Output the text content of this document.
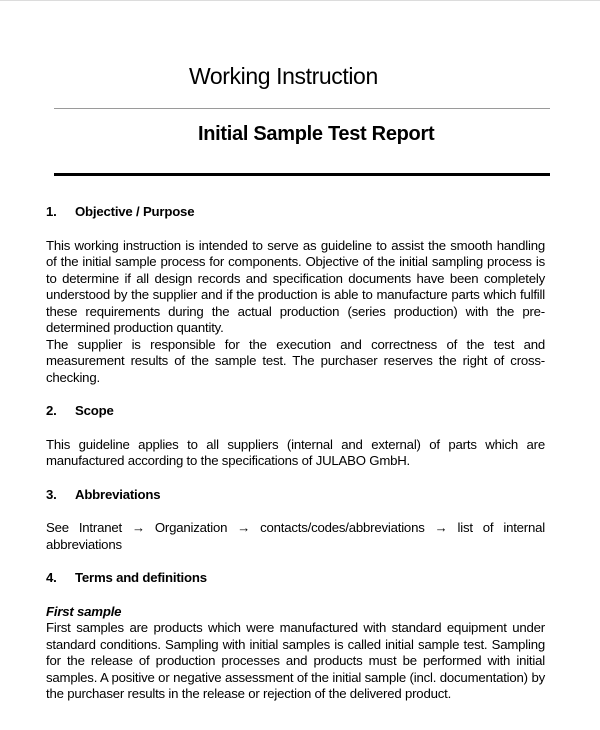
Working Instruction
Initial Sample Test Report
1.	Objective / Purpose

This working instruction is intended to serve as guideline to assist the smooth handling of the initial sample process for components. Objective of the initial sampling process is to determine if all design records and specification documents have been completely understood by the supplier and if the production is able to manufacture parts which fulfill these requirements during the actual production (series production) with the pre-determined production quantity.

The supplier is responsible for the execution and correctness of the test and measurement results of the sample test. The purchaser reserves the right of cross-checking.

2.	Scope

This guideline applies to all suppliers (internal and external) of parts which are manufactured according to the specifications of JULABO GmbH.

3.	Abbreviations

See Intranet → Organization → contacts/codes/abbreviations → list of internal abbreviations

4.	Terms and definitions

First sample

First samples are products which were manufactured with standard equipment under standard conditions. Sampling with initial samples is called initial sample test. Sampling for the release of production processes and products must be performed with initial samples. A positive or negative assessment of the initial sample (incl. documentation) by the purchaser results in the release or rejection of the delivered product.
